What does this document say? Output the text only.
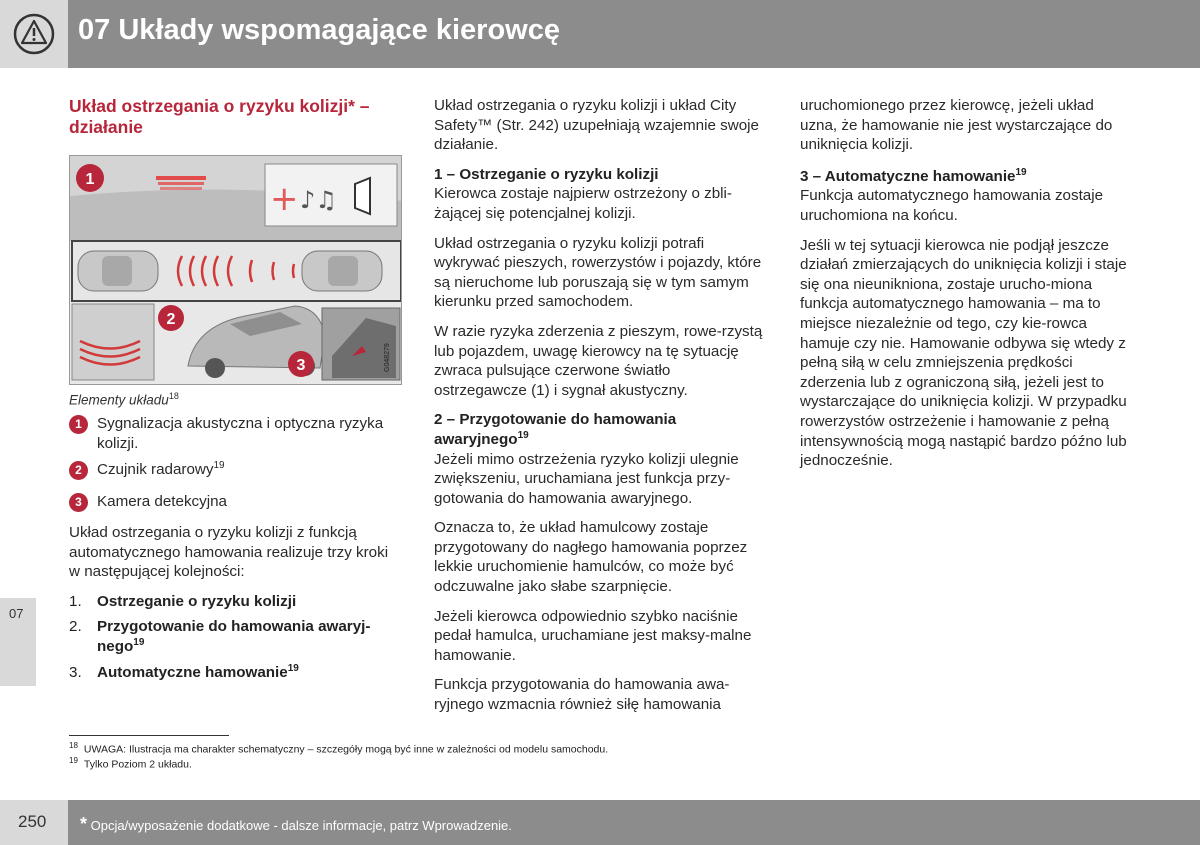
07 Układy wspomagające kierowcę
07
Układ ostrzegania o ryzyku kolizji* – działanie
+ ♪♫
1
2
3	G048279
Elementy układu$^{18}$
1 Sygnalizacja akustyczna i optyczna ryzyka kolizji.
2 Czujnik radarowy$^{19}$
3 Kamera detekcyjna

Układ ostrzegania o ryzyku kolizji z funkcją automatycznego hamowania realizuje trzy kroki w następującej kolejności:

1. Ostrzeganie o ryzyku kolizji
2. Przygotowanie do hamowania awaryj-nego$^{19}$
3. Automatyczne hamowanie$^{19}$

Układ ostrzegania o ryzyku kolizji i układ City Safety™ (Str. 242) uzupełniają wzajemnie swoje działanie.

1 – Ostrzeganie o ryzyku kolizji

Kierowca zostaje najpierw ostrzeżony o zbli-żającej się potencjalnej kolizji.

Układ ostrzegania o ryzyku kolizji potrafi wykrywać pieszych, rowerzystów i pojazdy, które są nieruchome lub poruszają się w tym samym kierunku przed samochodem.

W razie ryzyka zderzenia z pieszym, rowe-rzystą lub pojazdem, uwagę kierowcy na tę sytuację zwraca pulsujące czerwone światło ostrzegawcze (1) i sygnał akustyczny.

2 – Przygotowanie do hamowania awaryjnego$^{19}$

Jeżeli mimo ostrzeżenia ryzyko kolizji ulegnie zwiększeniu, uruchamiana jest funkcja przy-gotowania do hamowania awaryjnego.

Oznacza to, że układ hamulcowy zostaje przygotowany do nagłego hamowania poprzez lekkie uruchomienie hamulców, co może być odczuwalne jako słabe szarpnięcie.

Jeżeli kierowca odpowiednio szybko naciśnie pedał hamulca, uruchamiane jest maksy-malne hamowanie.

Funkcja przygotowania do hamowania awa-ryjnego wzmacnia również siłę hamowania

uruchomionego przez kierowcę, jeżeli układ uzna, że hamowanie nie jest wystarczające do uniknięcia kolizji.

3 – Automatyczne hamowanie$^{19}$

Funkcja automatycznego hamowania zostaje uruchomiona na końcu.

Jeśli w tej sytuacji kierowca nie podjął jeszcze działań zmierzających do uniknięcia kolizji i staje się ona nieunikniona, zostaje urucho-miona funkcja automatycznego hamowania – ma to miejsce niezależnie od tego, czy kie-rowca hamuje czy nie. Hamowanie odbywa się wtedy z pełną siłą w celu zmniejszenia prędkości zderzenia lub z ograniczoną siłą, jeżeli jest to wystarczające do uniknięcia kolizji. W przypadku rowerzystów ostrzeżenie i hamowanie z pełną intensywnością mogą nastąpić bardzo późno lub jednocześnie.

$^{18}$ UWAGA: Ilustracja ma charakter schematyczny – szczegóły mogą być inne w zależności od modelu samochodu.
$^{19}$ Tylko Poziom 2 układu.
250 * Opcja/wyposażenie dodatkowe - dalsze informacje, patrz Wprowadzenie.
